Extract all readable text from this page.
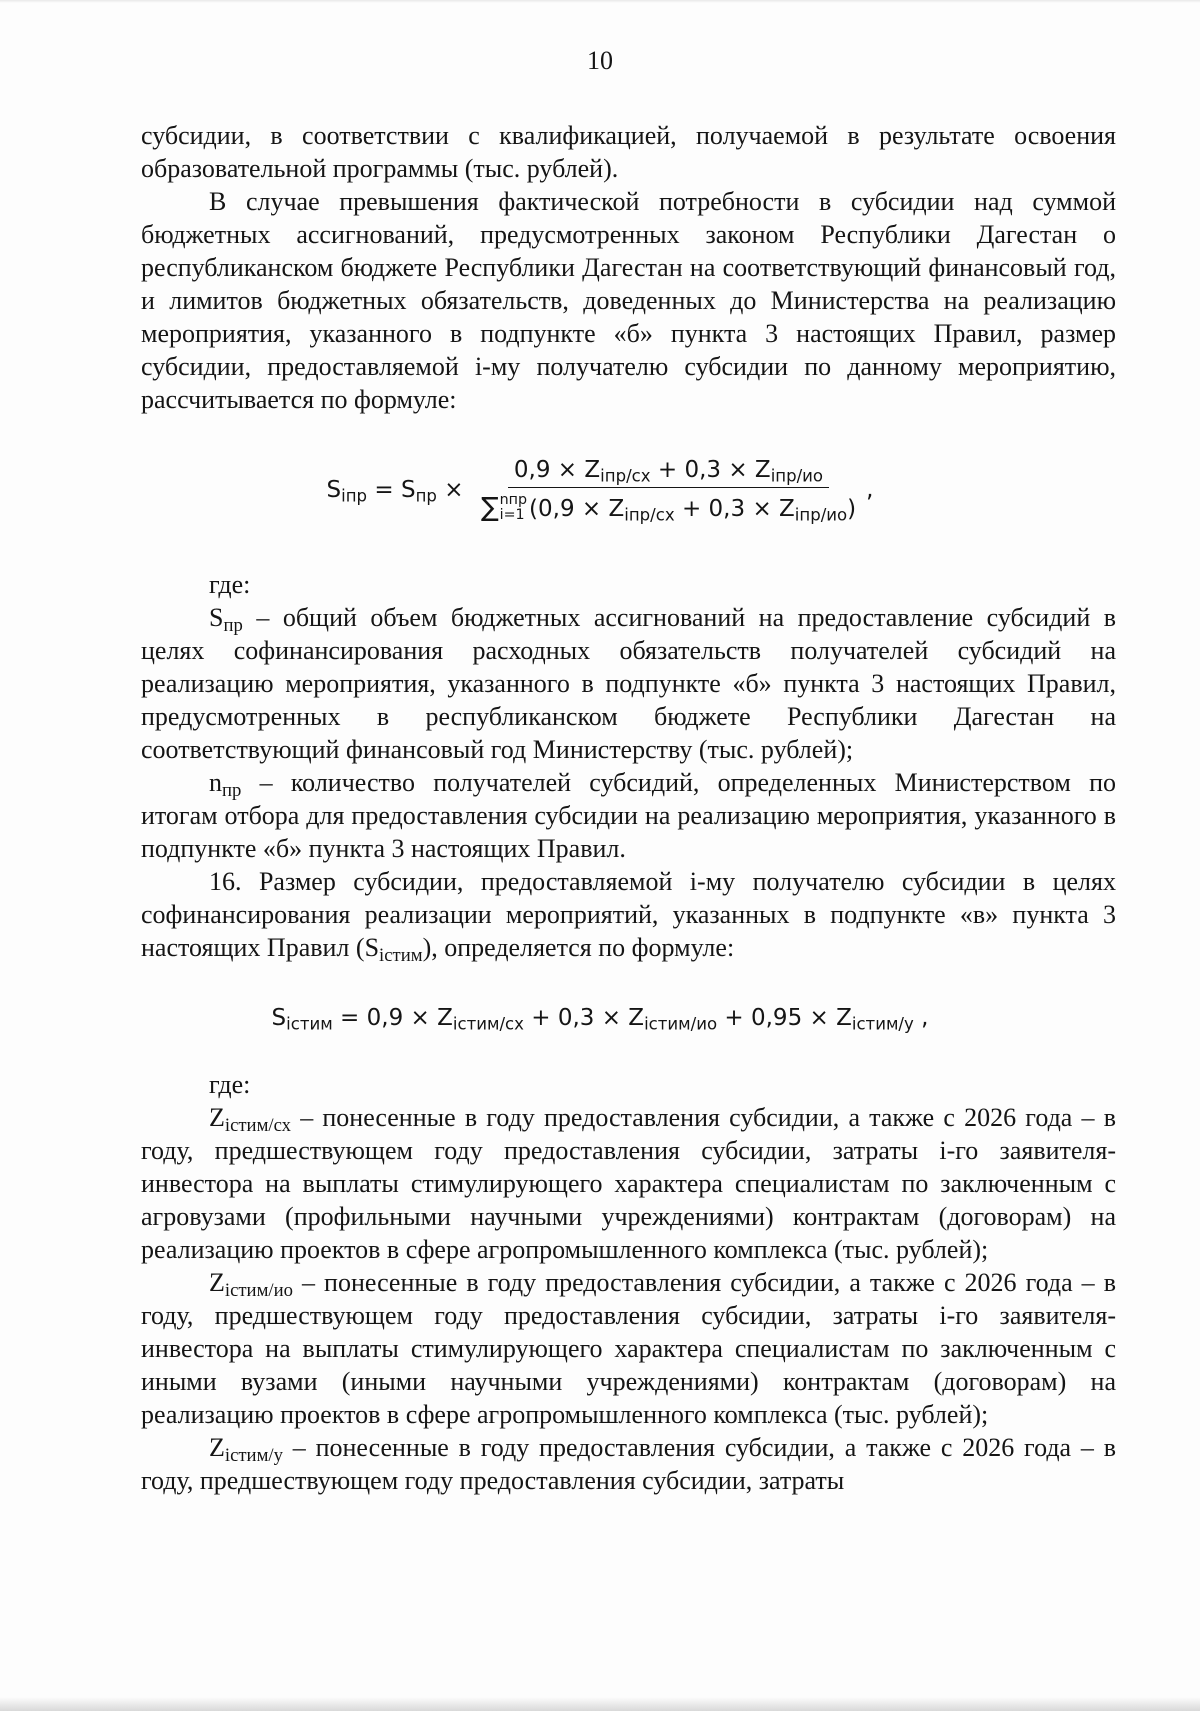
10

субсидии, в соответствии с квалификацией, получаемой в результате освоения образовательной программы (тыс. рублей).

В случае превышения фактической потребности в субсидии над суммой бюджетных ассигнований, предусмотренных законом Республики Дагестан о республиканском бюджете Республики Дагестан на соответствующий финансовый год, и лимитов бюджетных обязательств, доведенных до Министерства на реализацию мероприятия, указанного в подпункте «б» пункта 3 настоящих Правил, размер субсидии, предоставляемой i-му получателю субсидии по данному мероприятию, рассчитывается по формуле:

$S_{iпр} = S_{пр}$ ×
$0,9 \times Z_{iпр/сх} + 0,3 \times Z_{iпр/ио}$
∑ nпр
i=1 $(0,9 \times Z_{iпр/сх} + 0,3 \times Z_{iпр/ио})$
,

где:

$S_{пр}$ – общий объем бюджетных ассигнований на предоставление субсидий в целях софинансирования расходных обязательств получателей субсидий на реализацию мероприятия, указанного в подпункте «б» пункта 3 настоящих Правил, предусмотренных в республиканском бюджете Республики Дагестан на соответствующий финансовый год Министерству (тыс. рублей);

$n_{пр}$ – количество получателей субсидий, определенных Министерством по итогам отбора для предоставления субсидии на реализацию мероприятия, указанного в подпункте «б» пункта 3 настоящих Правил.

16. Размер субсидии, предоставляемой i-му получателю субсидии в целях софинансирования реализации мероприятий, указанных в подпункте «в» пункта 3 настоящих Правил $(S_{iстим})$, определяется по формуле:

$S_{iстим} = 0,9 \times Z_{iстим/сх} + 0,3 \times Z_{iстим/ио} + 0,95 \times Z_{iстим/у}$ ,

где:

$Z_{iстим/сх}$ – понесенные в году предоставления субсидии, а также с 2026 года – в году, предшествующем году предоставления субсидии, затраты i-го заявителя-инвестора на выплаты стимулирующего характера специалистам по заключенным с агровузами (профильными научными учреждениями) контрактам (договорам) на реализацию проектов в сфере агропромышленного комплекса (тыс. рублей);

$Z_{iстим/ио}$ – понесенные в году предоставления субсидии, а также с 2026 года – в году, предшествующем году предоставления субсидии, затраты i-го заявителя-инвестора на выплаты стимулирующего характера специалистам по заключенным с иными вузами (иными научными учреждениями) контрактам (договорам) на реализацию проектов в сфере агропромышленного комплекса (тыс. рублей);

$Z_{iстим/у}$ – понесенные в году предоставления субсидии, а также с 2026 года – в году, предшествующем году предоставления субсидии, затраты
